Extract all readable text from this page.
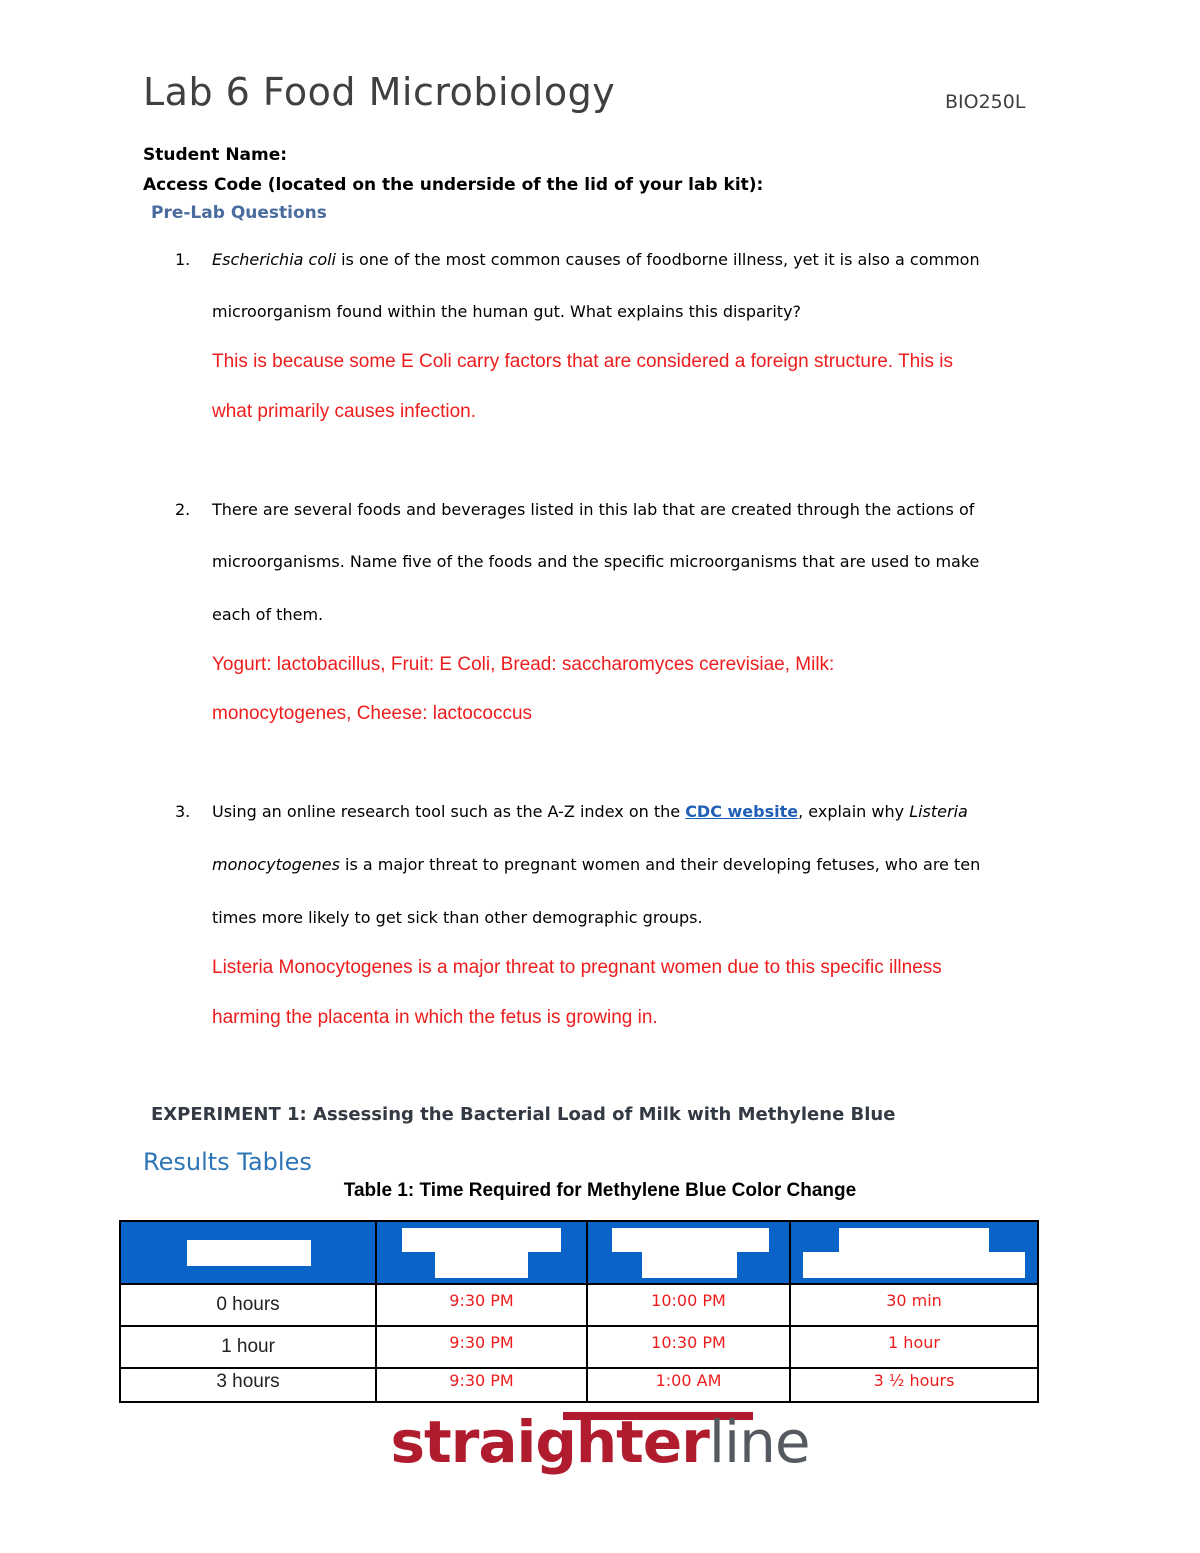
Lab 6 Food Microbiology	BIO250L
Student Name:
Access Code (located on the underside of the lid of your lab kit):
Pre-Lab Questions
1. Escherichia coli is one of the most common causes of foodborne illness, yet it is also a common
microorganism found within the human gut. What explains this disparity?
This is because some E Coli carry factors that are considered a foreign structure. This is
what primarily causes infection.
2. There are several foods and beverages listed in this lab that are created through the actions of
microorganisms. Name five of the foods and the specific microorganisms that are used to make
each of them.
Yogurt: lactobacillus, Fruit: E Coli, Bread: saccharomyces cerevisiae, Milk:
monocytogenes, Cheese: lactococcus
3. Using an online research tool such as the A-Z index on the CDC website, explain why Listeria
monocytogenes is a major threat to pregnant women and their developing fetuses, who are ten
times more likely to get sick than other demographic groups.
Listeria Monocytogenes is a major threat to pregnant women due to this specific illness
harming the placenta in which the fetus is growing in.
EXPERIMENT 1: Assessing the Bacterial Load of Milk with Methylene Blue
Results Tables
Table 1: Time Required for Methylene Blue Color Change

0 hours	9:30 PM	10:00 PM	30 min
1 hour	9:30 PM	10:30 PM	1 hour
3 hours	9:30 PM	1:00 AM	3 ½ hours
straighterline
